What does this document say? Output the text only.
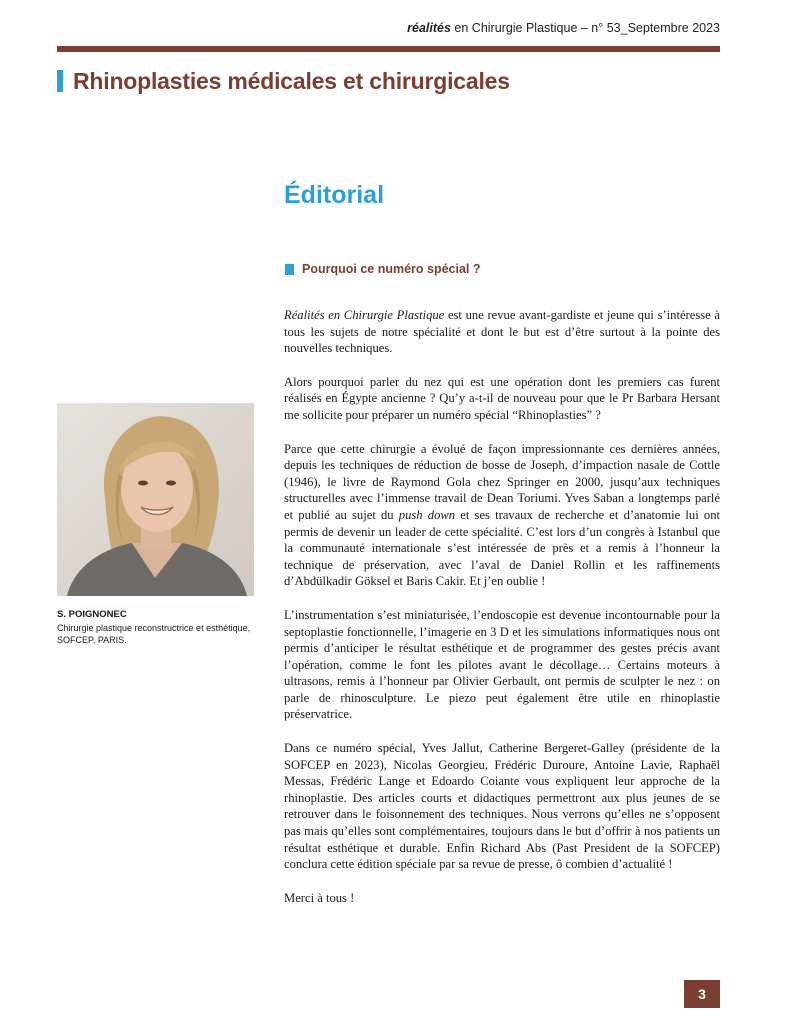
réalités en Chirurgie Plastique – n° 53_Septembre 2023
Rhinoplasties médicales et chirurgicales
Éditorial
Pourquoi ce numéro spécial ?

Réalités en Chirurgie Plastique est une revue avant-gardiste et jeune qui s’intéresse à tous les sujets de notre spécialité et dont le but est d’être surtout à la pointe des nouvelles techniques.

Alors pourquoi parler du nez qui est une opération dont les premiers cas furent réalisés en Égypte ancienne ? Qu’y a-t-il de nouveau pour que le Pr Barbara Hersant me sollicite pour préparer un numéro spécial “Rhinoplasties” ?

Parce que cette chirurgie a évolué de façon impressionnante ces dernières années, depuis les techniques de réduction de bosse de Joseph, d’impaction nasale de Cottle (1946), le livre de Raymond Gola chez Springer en 2000, jusqu’aux techniques structurelles avec l’immense travail de Dean Toriumi. Yves Saban a longtemps parlé et publié au sujet du push down et ses travaux de recherche et d’anatomie lui ont permis de devenir un leader de cette spécialité. C’est lors d’un congrès à Istanbul que la communauté internationale s’est intéressée de près et a remis à l’honneur la technique de préservation, avec l’aval de Daniel Rollin et les raffinements d’Abdülkadir Göksel et Baris Cakir. Et j’en oublie !

L’instrumentation s’est miniaturisée, l’endoscopie est devenue incontournable pour la septoplastie fonctionnelle, l’imagerie en 3 D et les simulations informatiques nous ont permis d’anticiper le résultat esthétique et de programmer des gestes précis avant l’opération, comme le font les pilotes avant le décollage… Certains moteurs à ultrasons, remis à l’honneur par Olivier Gerbault, ont permis de sculpter le nez : on parle de rhinosculpture. Le piezo peut également être utile en rhinoplastie préservatrice.

Dans ce numéro spécial, Yves Jallut, Catherine Bergeret-Galley (présidente de la SOFCEP en 2023), Nicolas Georgieu, Frédéric Duroure, Antoine Lavie, Raphaël Messas, Frédéric Lange et Edoardo Coiante vous expliquent leur approche de la rhinoplastie. Des articles courts et didactiques permettront aux plus jeunes de se retrouver dans le foisonnement des techniques. Nous verrons qu’elles ne s’opposent pas mais qu’elles sont complémentaires, toujours dans le but d’offrir à nos patients un résultat esthétique et durable. Enfin Richard Abs (Past President de la SOFCEP) conclura cette édition spéciale par sa revue de presse, ô combien d’actualité !

Merci à tous !

S. POIGNONEC
Chirurgie plastique reconstructrice et esthétique, SOFCEP, PARIS.
3
